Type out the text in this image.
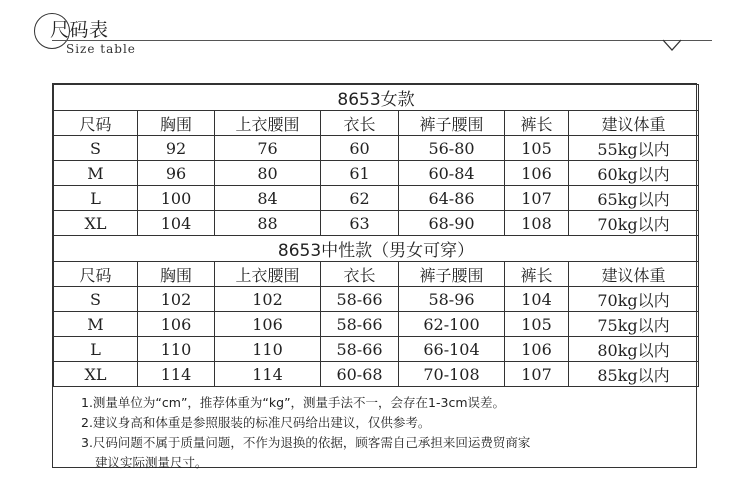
尺码表
Size table
8653女款						
尺码	胸围	上衣腰围	衣长	裤子腰围	裤长	建议体重
S	92	76	60	56-80	105	55kg以内
M	96	80	61	60-84	106	60kg以内
L	100	84	62	64-86	107	65kg以内
XL	104	88	63	68-90	108	70kg以内
8653中性款（男女可穿）						
尺码	胸围	上衣腰围	衣长	裤子腰围	裤长	建议体重
S	102	102	58-66	58-96	104	70kg以内
M	106	106	58-66	62-100	105	75kg以内
L	110	110	58-66	66-104	106	80kg以内
XL	114	114	60-68	70-108	107	85kg以内
1.测量单位为“cm”，推荐体重为“kg”，测量手法不一，会存在1-3cm误差。
2.建议身高和体重是参照服装的标准尺码给出建议，仅供参考。
3.尺码问题不属于质量问题，不作为退换的依据，顾客需自己承担来回运费贸商家
建议实际测量尺寸。
